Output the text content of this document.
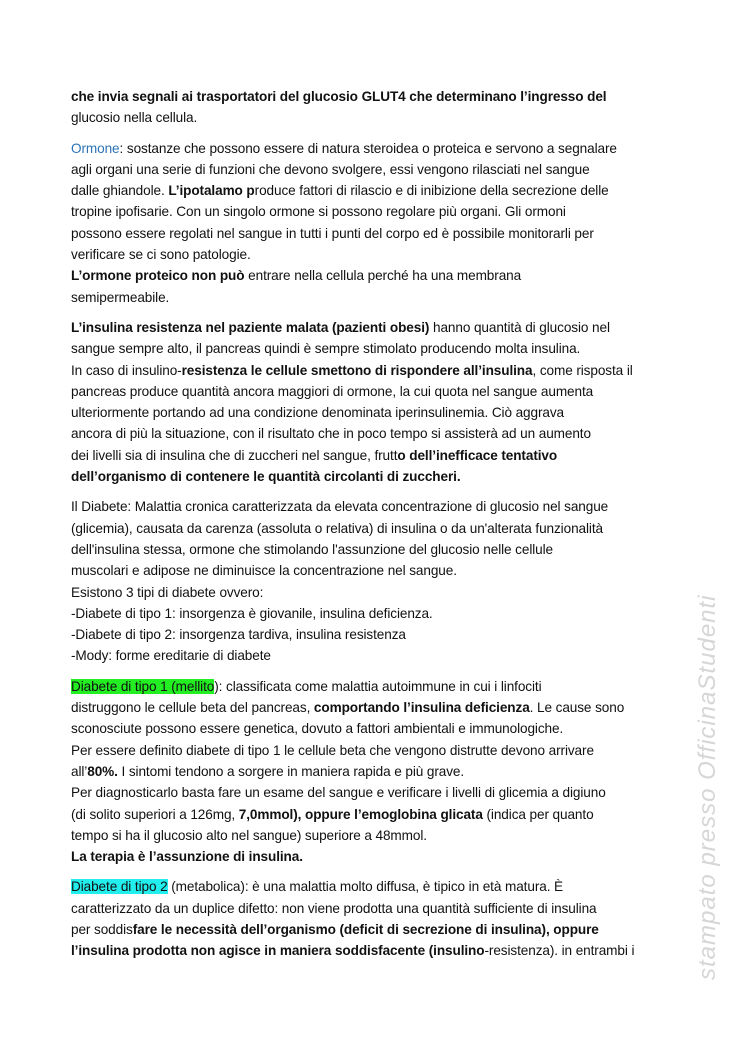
stampato presso OfficinaStudenti

che invia segnali ai trasportatori del glucosio GLUT4 che determinano l’ingresso del
glucosio nella cellula.

Ormone: sostanze che possono essere di natura steroidea o proteica e servono a segnalare
agli organi una serie di funzioni che devono svolgere, essi vengono rilasciati nel sangue
dalle ghiandole. L’ipotalamo produce fattori di rilascio e di inibizione della secrezione delle
tropine ipofisarie. Con un singolo ormone si possono regolare più organi. Gli ormoni
possono essere regolati nel sangue in tutti i punti del corpo ed è possibile monitorarli per
verificare se ci sono patologie.
L’ormone proteico non può entrare nella cellula perché ha una membrana
semipermeabile.

L’insulina resistenza nel paziente malata (pazienti obesi) hanno quantità di glucosio nel
sangue sempre alto, il pancreas quindi è sempre stimolato producendo molta insulina.
In caso di insulino-resistenza le cellule smettono di rispondere all’insulina, come risposta il
pancreas produce quantità ancora maggiori di ormone, la cui quota nel sangue aumenta
ulteriormente portando ad una condizione denominata iperinsulinemia. Ciò aggrava
ancora di più la situazione, con il risultato che in poco tempo si assisterà ad un aumento
dei livelli sia di insulina che di zuccheri nel sangue, frutto dell’inefficace tentativo
dell’organismo di contenere le quantità circolanti di zuccheri.

Il Diabete: Malattia cronica caratterizzata da elevata concentrazione di glucosio nel sangue
(glicemia), causata da carenza (assoluta o relativa) di insulina o da un'alterata funzionalità
dell'insulina stessa, ormone che stimolando l'assunzione del glucosio nelle cellule
muscolari e adipose ne diminuisce la concentrazione nel sangue.
Esistono 3 tipi di diabete ovvero:
-Diabete di tipo 1: insorgenza è giovanile, insulina deficienza.
-Diabete di tipo 2: insorgenza tardiva, insulina resistenza
-Mody: forme ereditarie di diabete

Diabete di tipo 1 (mellito): classificata come malattia autoimmune in cui i linfociti
distruggono le cellule beta del pancreas, comportando l’insulina deficienza. Le cause sono
sconosciute possono essere genetica, dovuto a fattori ambientali e immunologiche.
Per essere definito diabete di tipo 1 le cellule beta che vengono distrutte devono arrivare
all’80%. I sintomi tendono a sorgere in maniera rapida e più grave.
Per diagnosticarlo basta fare un esame del sangue e verificare i livelli di glicemia a digiuno
(di solito superiori a 126mg, 7,0mmol), oppure l’emoglobina glicata (indica per quanto
tempo si ha il glucosio alto nel sangue) superiore a 48mmol.
La terapia è l’assunzione di insulina.

Diabete di tipo 2 (metabolica): è una malattia molto diffusa, è tipico in età matura. È
caratterizzato da un duplice difetto: non viene prodotta una quantità sufficiente di insulina
per soddisfare le necessità dell’organismo (deficit di secrezione di insulina), oppure
l’insulina prodotta non agisce in maniera soddisfacente (insulino-resistenza). in entrambi i
